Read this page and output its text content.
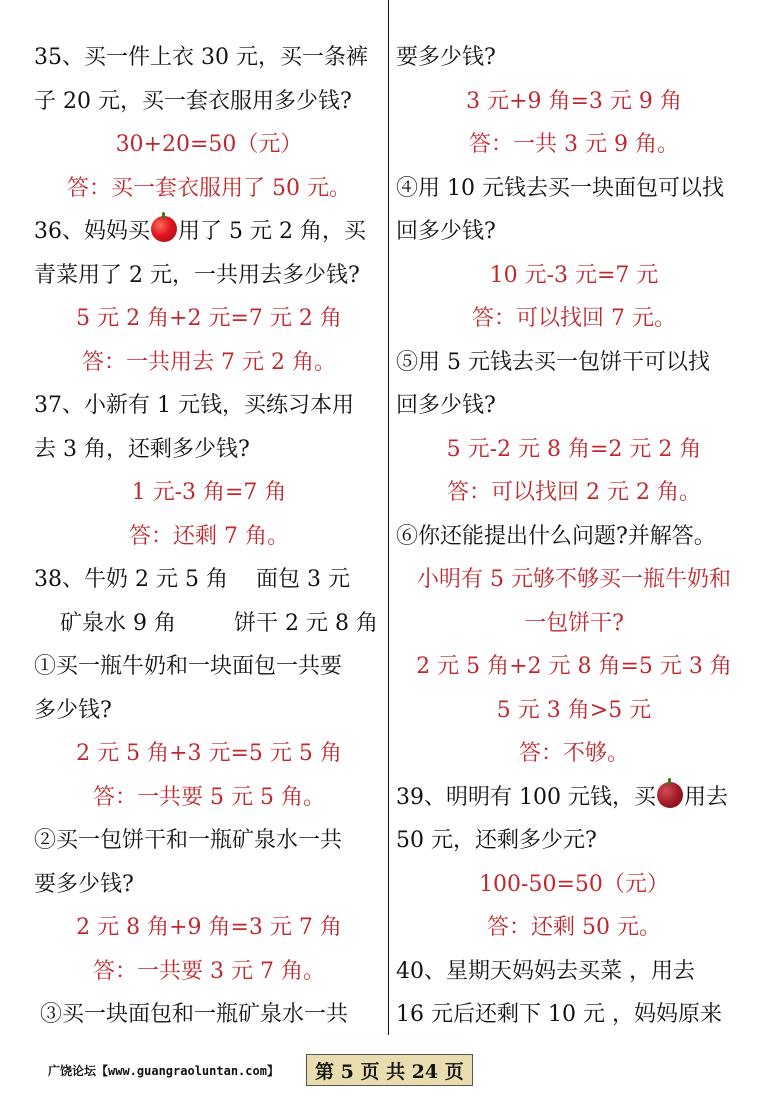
35、买一件上衣 30 元，买一条裤
子 20 元，买一套衣服用多少钱?
30+20=50（元）
答：买一套衣服用了 50 元。
36、妈妈买 用了 5 元 2 角，买
青菜用了 2 元，一共用去多少钱?
5 元 2 角+2 元=7 元 2 角
答：一共用去 7 元 2 角。
37、小新有 1 元钱，买练习本用
去 3 角，还剩多少钱?
1 元-3 角=7 角
答：还剩 7 角。
38、牛奶 2 元 5 角 面包 3 元
矿泉水 9 角	饼干 2 元 8 角
①买一瓶牛奶和一块面包一共要
多少钱?
2 元 5 角+3 元=5 元 5 角
答：一共要 5 元 5 角。
②买一包饼干和一瓶矿泉水一共
要多少钱?
2 元 8 角+9 角=3 元 7 角
答：一共要 3 元 7 角。
③买一块面包和一瓶矿泉水一共
要多少钱?
3 元+9 角=3 元 9 角
答：一共 3 元 9 角。
④用 10 元钱去买一块面包可以找
回多少钱?
10 元-3 元=7 元
答：可以找回 7 元。
⑤用 5 元钱去买一包饼干可以找
回多少钱?
5 元-2 元 8 角=2 元 2 角
答：可以找回 2 元 2 角。
⑥你还能提出什么问题?并解答。
小明有 5 元够不够买一瓶牛奶和
一包饼干?
2 元 5 角+2 元 8 角=5 元 3 角
5 元 3 角>5 元
答：不够。
39、明明有 100 元钱，买 用去
50 元，还剩多少元?
100-50=50（元）
答：还剩 50 元。
40、星期天妈妈去买菜 ，用去
16 元后还剩下 10 元 ，妈妈原来
广饶论坛【www.guangraoluntan.com】	第 5 页 共 24 页
